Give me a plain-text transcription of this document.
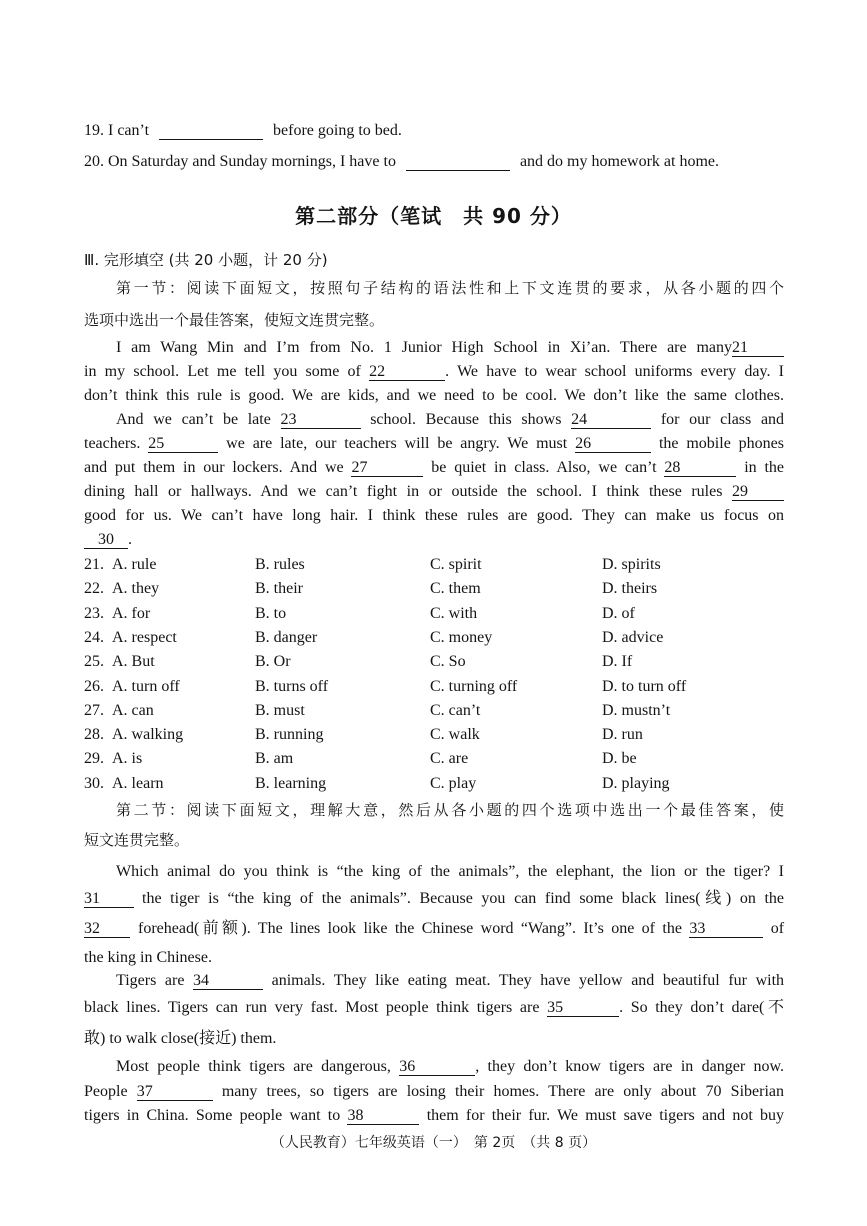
19. I can’t	before going to bed.
20. On Saturday and Sunday mornings, I have to	and do my homework at home.
第二部分（笔试　共 90 分）
Ⅲ. 完形填空 (共 20 小题，计 20 分)
第一节：阅读下面短文，按照句子结构的语法性和上下文连贯的要求，从各小题的四个
选项中选出一个最佳答案，使短文连贯完整。
I am Wang Min and I’m from No. 1 Junior High School in Xi’an. There are many21
in my school. Let me tell you some of 22	. We have to wear school uniforms every day. I
don’t think this rule is good. We are kids, and we need to be cool. We don’t like the same clothes.
And we can’t be late 23	school. Because this shows 24	for our class and
teachers. 25	we are late, our teachers will be angry. We must 26	the mobile phones
and put them in our lockers. And we 27	be quiet in class. Also, we can’t 28	in the
dining hall or hallways. And we can’t fight in or outside the school. I think these rules 29
good for us. We can’t have long hair. I think these rules are good. They can make us focus on
30 .
21. A. rule	B. rules	C. spirit	D. spirits
22. A. they	B. their	C. them	D. theirs
23. A. for	B. to	C. with	D. of
24. A. respect	B. danger	C. money	D. advice
25. A. But	B. Or	C. So	D. If
26. A. turn off	B. turns off	C. turning off	D. to turn off
27. A. can	B. must	C. can’t	D. mustn’t
28. A. walking	B. running	C. walk	D. run
29. A. is	B. am	C. are	D. be
30. A. learn	B. learning	C. play	D. playing
第二节：阅读下面短文，理解大意，然后从各小题的四个选项中选出一个最佳答案，使
短文连贯完整。
Which animal do you think is “the king of the animals”, the elephant, the lion or the tiger? I
31	the tiger is “the king of the animals”. Because you can find some black lines(线) on the
32 forehead(前额). The lines look like the Chinese word “Wang”. It’s one of the 33	of
the king in Chinese.
Tigers are 34	animals. They like eating meat. They have yellow and beautiful fur with
black lines. Tigers can run very fast. Most people think tigers are 35	. So they don’t dare(不
敢) to walk close(接近) them.
Most people think tigers are dangerous, 36	, they don’t know tigers are in danger now.
People 37	many trees, so tigers are losing their homes. There are only about 70 Siberian
tigers in China. Some people want to 38	them for their fur. We must save tigers and not buy
（人民教育）七年级英语（一）　第 2页　（共 8 页）
